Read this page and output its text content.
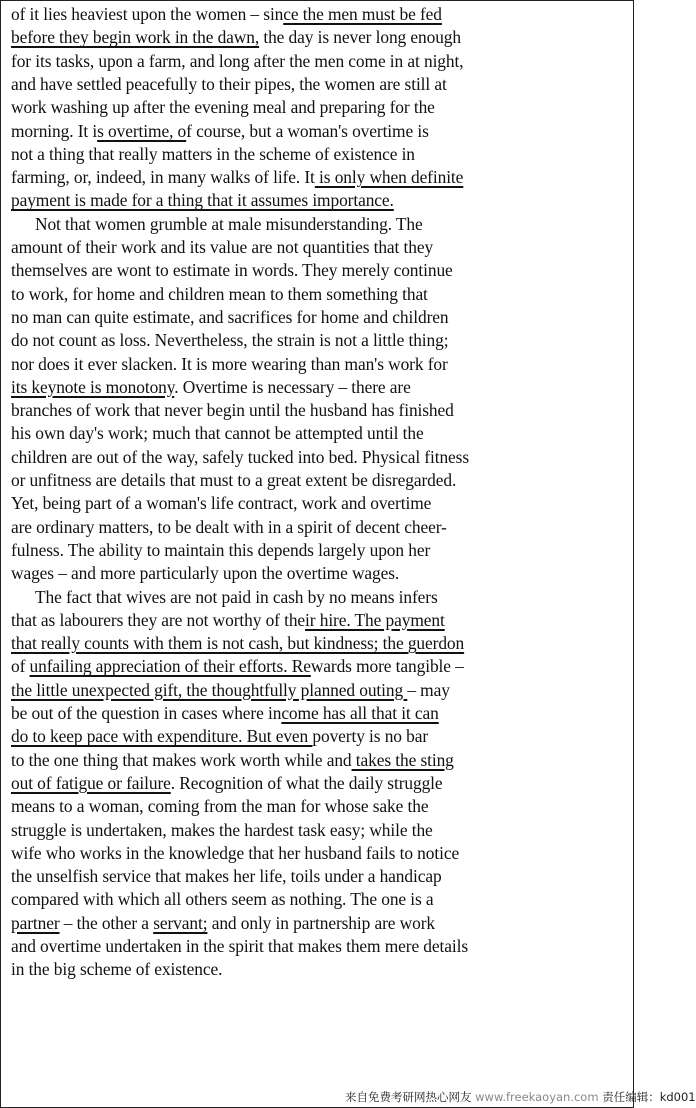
of it lies heaviest upon the women – since the men must be fed
before they begin work in the dawn, the day is never long enough
for its tasks, upon a farm, and long after the men come in at night,
and have settled peacefully to their pipes, the women are still at
work washing up after the evening meal and preparing for the
morning. It is overtime, of course, but a woman's overtime is
not a thing that really matters in the scheme of existence in
farming, or, indeed, in many walks of life. It is only when definite
payment is made for a thing that it assumes importance.
Not that women grumble at male misunderstanding. The
amount of their work and its value are not quantities that they
themselves are wont to estimate in words. They merely continue
to work, for home and children mean to them something that
no man can quite estimate, and sacrifices for home and children
do not count as loss. Nevertheless, the strain is not a little thing;
nor does it ever slacken. It is more wearing than man's work for
its keynote is monotony. Overtime is necessary – there are
branches of work that never begin until the husband has finished
his own day's work; much that cannot be attempted until the
children are out of the way, safely tucked into bed. Physical fitness
or unfitness are details that must to a great extent be disregarded.
Yet, being part of a woman's life contract, work and overtime
are ordinary matters, to be dealt with in a spirit of decent cheer-
fulness. The ability to maintain this depends largely upon her
wages – and more particularly upon the overtime wages.
The fact that wives are not paid in cash by no means infers
that as labourers they are not worthy of their hire. The payment
that really counts with them is not cash, but kindness; the guerdon
of unfailing appreciation of their efforts. Rewards more tangible –
the little unexpected gift, the thoughtfully planned outing – may
be out of the question in cases where income has all that it can
do to keep pace with expenditure. But even poverty is no bar
to the one thing that makes work worth while and takes the sting
out of fatigue or failure. Recognition of what the daily struggle
means to a woman, coming from the man for whose sake the
struggle is undertaken, makes the hardest task easy; while the
wife who works in the knowledge that her husband fails to notice
the unselfish service that makes her life, toils under a handicap
compared with which all others seem as nothing. The one is a
partner – the other a servant; and only in partnership are work
and overtime undertaken in the spirit that makes them mere details
in the big scheme of existence.
来自免费考研网热心网友 www.freekaoyan.com 责任编辑：kd001
